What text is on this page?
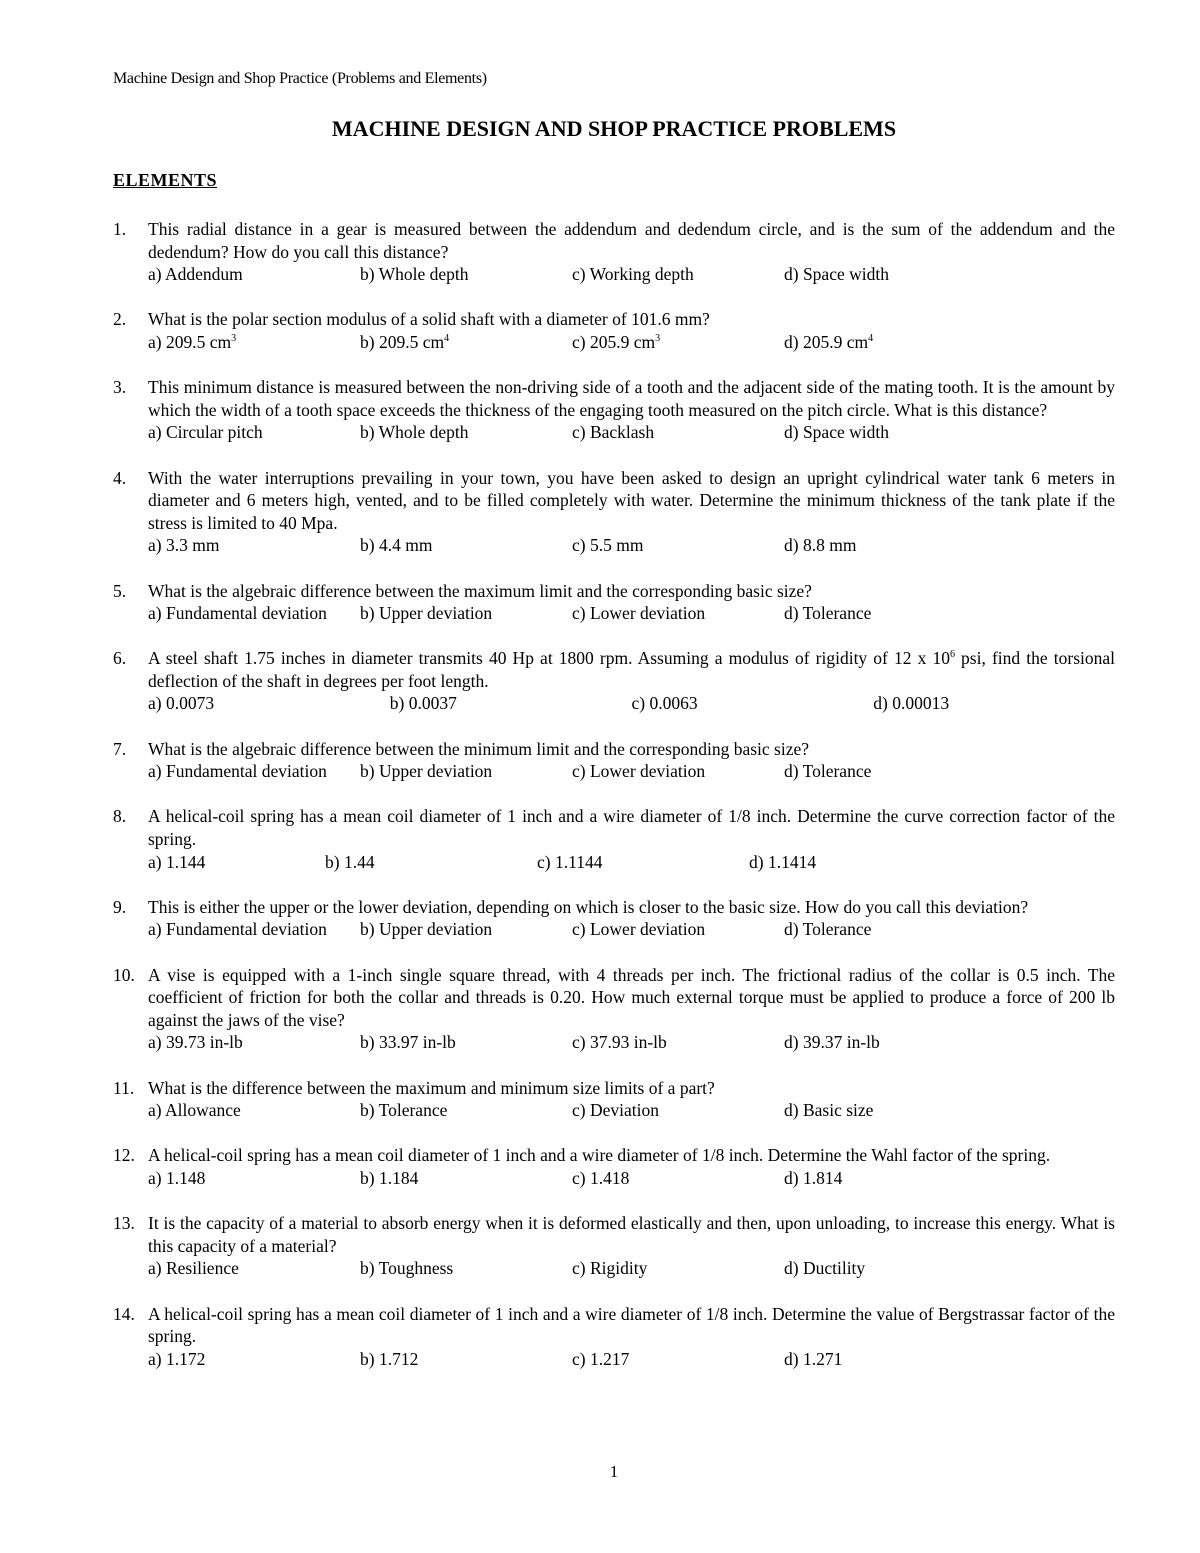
Machine Design and Shop Practice (Problems and Elements)
MACHINE DESIGN AND SHOP PRACTICE PROBLEMS
ELEMENTS
1. This radial distance in a gear is measured between the addendum and dedendum circle, and is the sum of the addendum and the dedendum? How do you call this distance?

a) Addendum	b) Whole depth	c) Working depth	d) Space width
2. What is the polar section modulus of a solid shaft with a diameter of 101.6 mm?

a) 209.5 $cm^3$	b) 209.5 $cm^4$	c) 205.9 $cm^3$	d) 205.9 $cm^4$
3. This minimum distance is measured between the non-driving side of a tooth and the adjacent side of the mating tooth. It is the amount by which the width of a tooth space exceeds the thickness of the engaging tooth measured on the pitch circle. What is this distance?

a) Circular pitch	b) Whole depth	c) Backlash	d) Space width
4. With the water interruptions prevailing in your town, you have been asked to design an upright cylindrical water tank 6 meters in diameter and 6 meters high, vented, and to be filled completely with water. Determine the minimum thickness of the tank plate if the stress is limited to 40 Mpa.

a) 3.3 mm	b) 4.4 mm	c) 5.5 mm	d) 8.8 mm
5. What is the algebraic difference between the maximum limit and the corresponding basic size?

a) Fundamental deviation	b) Upper deviation	c) Lower deviation	d) Tolerance
6. A steel shaft 1.75 inches in diameter transmits 40 Hp at 1800 rpm. Assuming a modulus of rigidity of 12 x $10^6$ psi, find the torsional deflection of the shaft in degrees per foot length.

a) 0.0073	b) 0.0037	c) 0.0063	d) 0.00013
7. What is the algebraic difference between the minimum limit and the corresponding basic size?

a) Fundamental deviation	b) Upper deviation	c) Lower deviation	d) Tolerance
8. A helical-coil spring has a mean coil diameter of 1 inch and a wire diameter of 1/8 inch. Determine the curve correction factor of the spring.

a) 1.144	b) 1.44	c) 1.1144	d) 1.1414
9. This is either the upper or the lower deviation, depending on which is closer to the basic size. How do you call this deviation?

a) Fundamental deviation	b) Upper deviation	c) Lower deviation	d) Tolerance
10. A vise is equipped with a 1-inch single square thread, with 4 threads per inch. The frictional radius of the collar is 0.5 inch. The coefficient of friction for both the collar and threads is 0.20. How much external torque must be applied to produce a force of 200 lb against the jaws of the vise?

a) 39.73 in-lb	b) 33.97 in-lb	c) 37.93 in-lb	d) 39.37 in-lb
11. What is the difference between the maximum and minimum size limits of a part?

a) Allowance	b) Tolerance	c) Deviation	d) Basic size
12. A helical-coil spring has a mean coil diameter of 1 inch and a wire diameter of 1/8 inch. Determine the Wahl factor of the spring.

a) 1.148	b) 1.184	c) 1.418	d) 1.814
13. It is the capacity of a material to absorb energy when it is deformed elastically and then, upon unloading, to increase this energy. What is this capacity of a material?

a) Resilience	b) Toughness	c) Rigidity	d) Ductility
14. A helical-coil spring has a mean coil diameter of 1 inch and a wire diameter of 1/8 inch. Determine the value of Bergstrassar factor of the spring.

a) 1.172	b) 1.712	c) 1.217	d) 1.271
1
